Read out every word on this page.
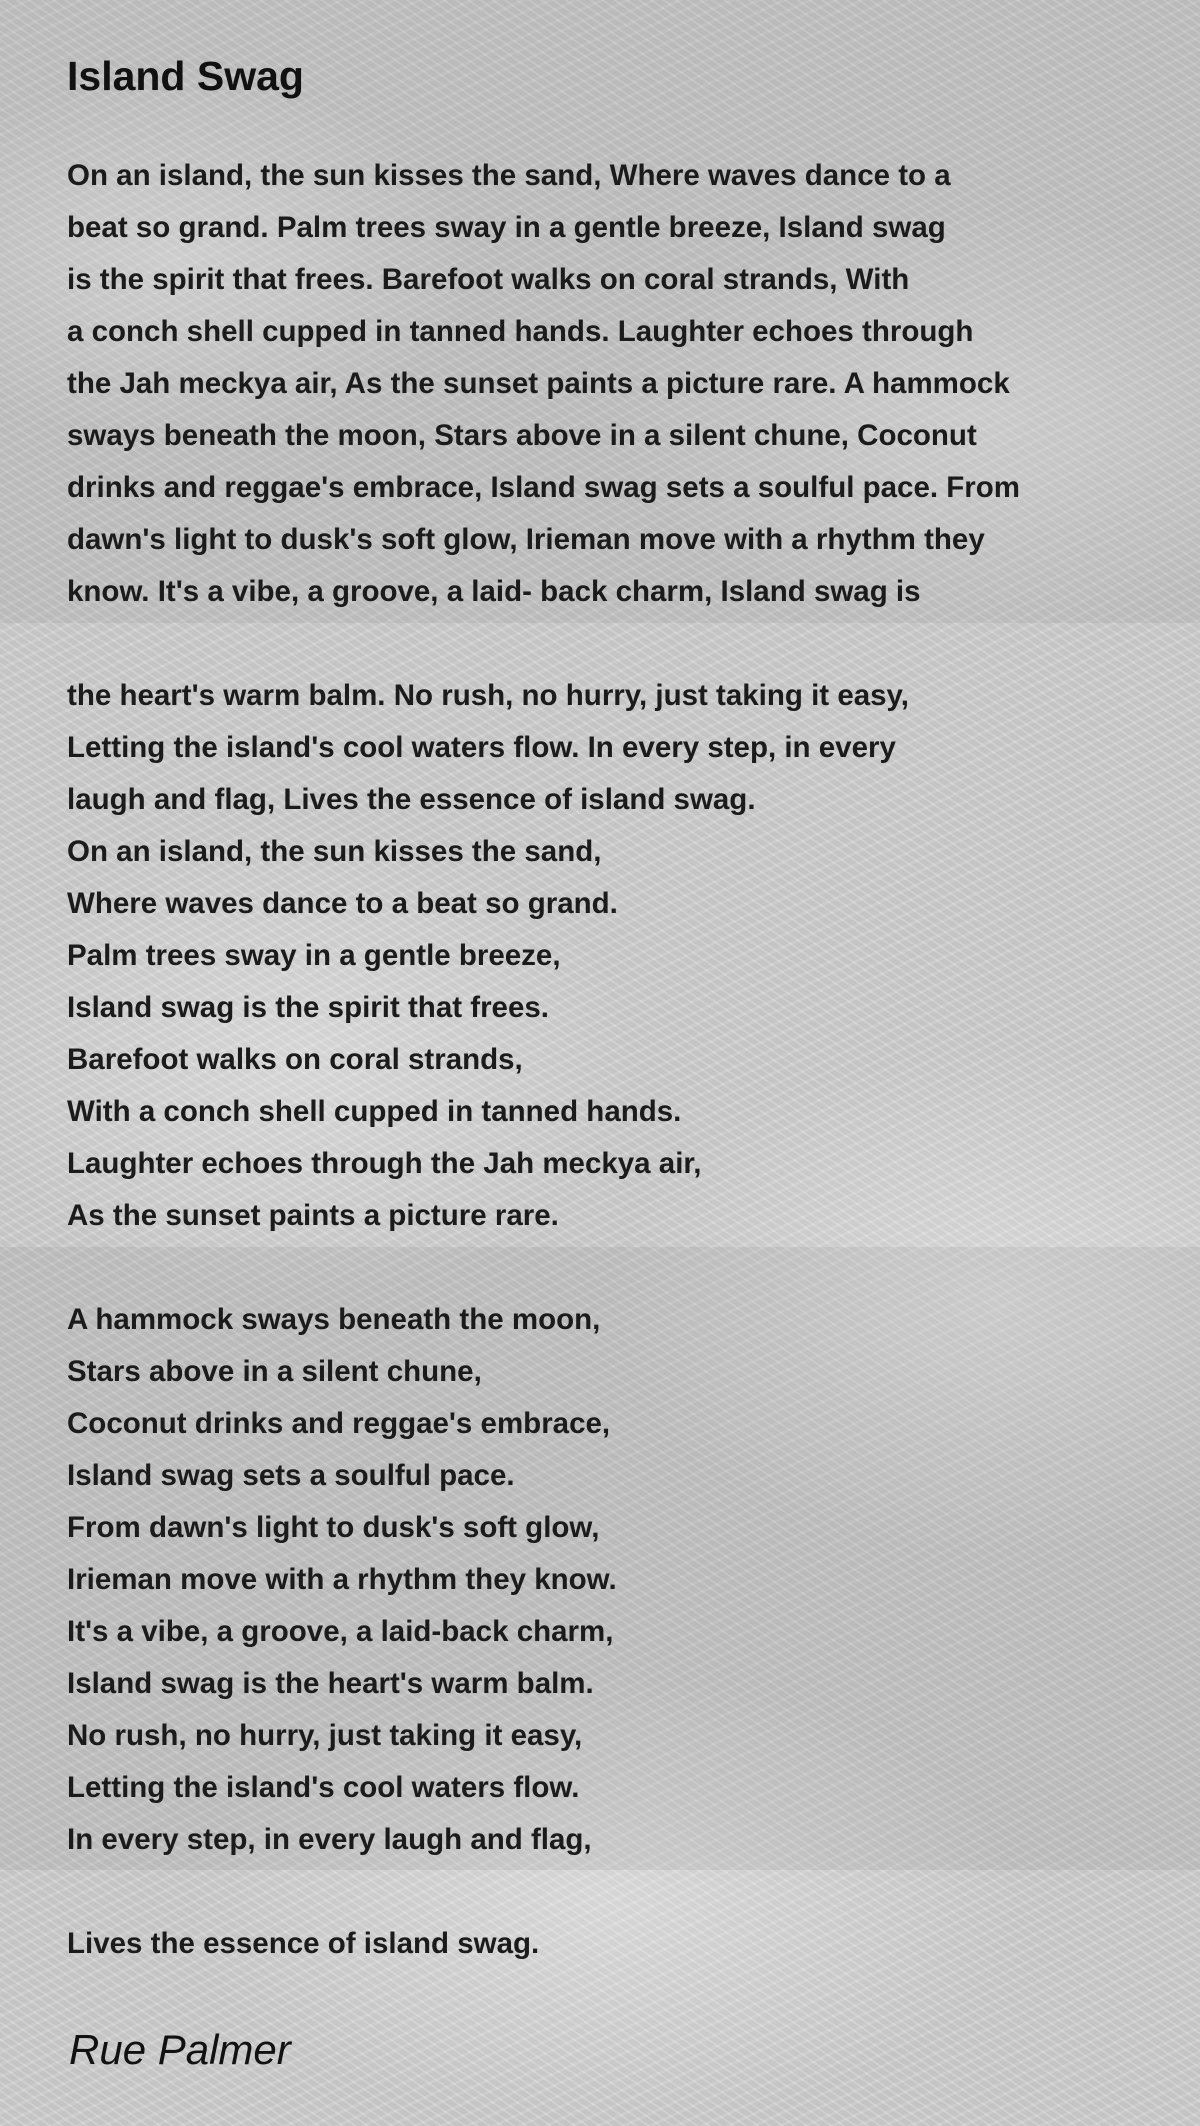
Island Swag
On an island, the sun kisses the sand, Where waves dance to a
beat so grand. Palm trees sway in a gentle breeze, Island swag
is the spirit that frees. Barefoot walks on coral strands, With
a conch shell cupped in tanned hands. Laughter echoes through
the Jah meckya air, As the sunset paints a picture rare. A hammock
sways beneath the moon, Stars above in a silent chune, Coconut
drinks and reggae's embrace, Island swag sets a soulful pace. From
dawn's light to dusk's soft glow, Irieman move with a rhythm they
know. It's a vibe, a groove, a laid- back charm, Island swag is
the heart's warm balm. No rush, no hurry, just taking it easy,
Letting the island's cool waters flow. In every step, in every
laugh and flag, Lives the essence of island swag.
On an island, the sun kisses the sand,
Where waves dance to a beat so grand.
Palm trees sway in a gentle breeze,
Island swag is the spirit that frees.
Barefoot walks on coral strands,
With a conch shell cupped in tanned hands.
Laughter echoes through the Jah meckya air,
As the sunset paints a picture rare.
A hammock sways beneath the moon,
Stars above in a silent chune,
Coconut drinks and reggae's embrace,
Island swag sets a soulful pace.
From dawn's light to dusk's soft glow,
Irieman move with a rhythm they know.
It's a vibe, a groove, a laid-back charm,
Island swag is the heart's warm balm.
No rush, no hurry, just taking it easy,
Letting the island's cool waters flow.
In every step, in every laugh and flag,
Lives the essence of island swag.

Rue Palmer
